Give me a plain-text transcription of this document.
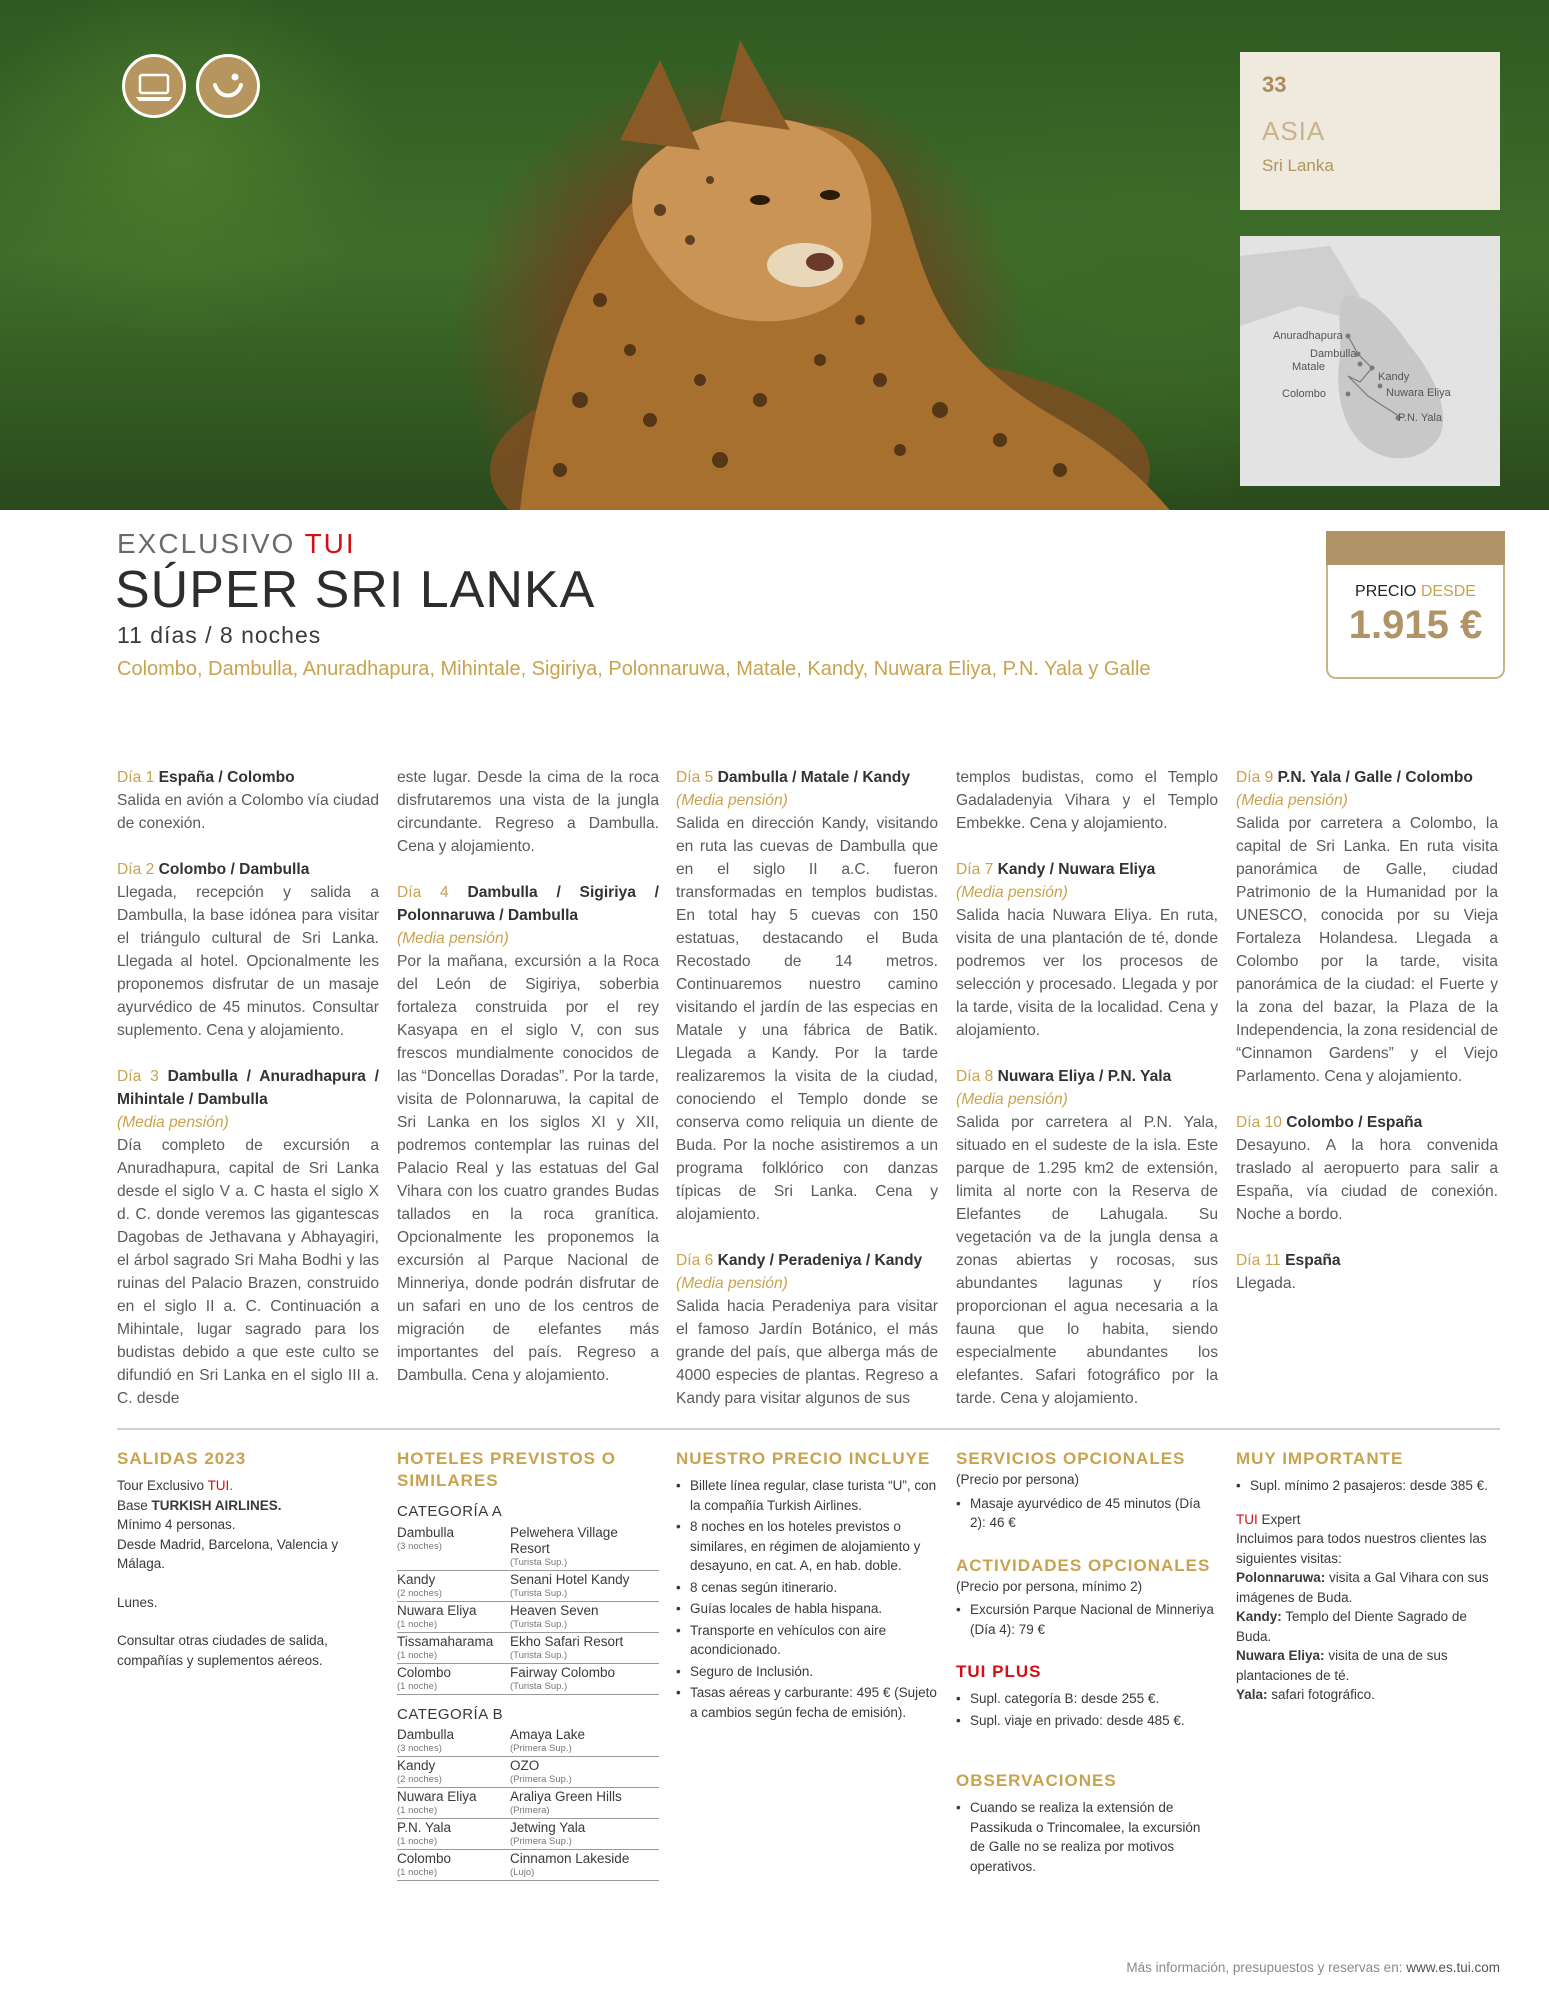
33
ASIA
Sri Lanka
Anuradhapura
Dambulla
Matale
Kandy
Nuwara Eliya
Colombo
P.N. Yala
EXCLUSIVO TUI
SÚPER SRI LANKA
11 días / 8 noches
Colombo, Dambulla, Anuradhapura, Mihintale, Sigiriya, Polonnaruwa, Matale, Kandy, Nuwara Eliya, P.N. Yala y Galle
PRECIO DESDE
1.915 €

Día 1 España / Colombo
Salida en avión a Colombo vía ciudad de conexión.

Día 2 Colombo / Dambulla
Llegada, recepción y salida a Dambulla, la base idónea para visitar el triángulo cultural de Sri Lanka. Llegada al hotel. Opcionalmente les proponemos disfrutar de un masaje ayurvédico de 45 minutos. Consultar suplemento. Cena y alojamiento.

Día 3 Dambulla / Anuradhapura / Mihintale / Dambulla
(Media pensión)
Día completo de excursión a Anuradhapura, capital de Sri Lanka desde el siglo V a. C hasta el siglo X d. C. donde veremos las gigantescas Dagobas de Jethavana y Abhayagiri, el árbol sagrado Sri Maha Bodhi y las ruinas del Palacio Brazen, construido en el siglo II a. C. Continuación a Mihintale, lugar sagrado para los budistas debido a que este culto se difundió en Sri Lanka en el siglo III a. C. desde

este lugar. Desde la cima de la roca disfrutaremos una vista de la jungla circundante. Regreso a Dambulla. Cena y alojamiento.

Día 4 Dambulla / Sigiriya / Polonnaruwa / Dambulla
(Media pensión)
Por la mañana, excursión a la Roca del León de Sigiriya, soberbia fortaleza construida por el rey Kasyapa en el siglo V, con sus frescos mundialmente conocidos de las “Doncellas Doradas”. Por la tarde, visita de Polonnaruwa, la capital de Sri Lanka en los siglos XI y XII, podremos contemplar las ruinas del Palacio Real y las estatuas del Gal Vihara con los cuatro grandes Budas tallados en la roca granítica. Opcionalmente les proponemos la excursión al Parque Nacional de Minneriya, donde podrán disfrutar de un safari en uno de los centros de migración de elefantes más importantes del país. Regreso a Dambulla. Cena y alojamiento.

Día 5 Dambulla / Matale / Kandy
(Media pensión)
Salida en dirección Kandy, visitando en ruta las cuevas de Dambulla que en el siglo II a.C. fueron transformadas en templos budistas. En total hay 5 cuevas con 150 estatuas, destacando el Buda Recostado de 14 metros. Continuaremos nuestro camino visitando el jardín de las especias en Matale y una fábrica de Batik. Llegada a Kandy. Por la tarde realizaremos la visita de la ciudad, conociendo el Templo donde se conserva como reliquia un diente de Buda. Por la noche asistiremos a un programa folklórico con danzas típicas de Sri Lanka. Cena y alojamiento.

Día 6 Kandy / Peradeniya / Kandy
(Media pensión)
Salida hacia Peradeniya para visitar el famoso Jardín Botánico, el más grande del país, que alberga más de 4000 especies de plantas. Regreso a Kandy para visitar algunos de sus

templos budistas, como el Templo Gadaladenyia Vihara y el Templo Embekke. Cena y alojamiento.

Día 7 Kandy / Nuwara Eliya
(Media pensión)
Salida hacia Nuwara Eliya. En ruta, visita de una plantación de té, donde podremos ver los procesos de selección y procesado. Llegada y por la tarde, visita de la localidad. Cena y alojamiento.

Día 8 Nuwara Eliya / P.N. Yala
(Media pensión)
Salida por carretera al P.N. Yala, situado en el sudeste de la isla. Este parque de 1.295 km2 de extensión, limita al norte con la Reserva de Elefantes de Lahugala. Su vegetación va de la jungla densa a zonas abiertas y rocosas, sus abundantes lagunas y ríos proporcionan el agua necesaria a la fauna que lo habita, siendo especialmente abundantes los elefantes. Safari fotográfico por la tarde. Cena y alojamiento.

Día 9 P.N. Yala / Galle / Colombo
(Media pensión)
Salida por carretera a Colombo, la capital de Sri Lanka. En ruta visita panorámica de Galle, ciudad Patrimonio de la Humanidad por la UNESCO, conocida por su Vieja Fortaleza Holandesa. Llegada a Colombo por la tarde, visita panorámica de la ciudad: el Fuerte y la zona del bazar, la Plaza de la Independencia, la zona residencial de “Cinnamon Gardens” y el Viejo Parlamento. Cena y alojamiento.

Día 10 Colombo / España
Desayuno. A la hora convenida traslado al aeropuerto para salir a España, vía ciudad de conexión. Noche a bordo.

Día 11 España
Llegada.

SALIDAS 2023

Tour Exclusivo TUI.
Base TURKISH AIRLINES.
Mínimo 4 personas.
Desde Madrid, Barcelona, Valencia y Málaga.

Lunes.

Consultar otras ciudades de salida, compañías y suplementos aéreos.

HOTELES PREVISTOS O SIMILARES
CATEGORÍA A
Dambulla
(3 noches)
Pelwehera Village Resort
(Turista Sup.)
Kandy
(2 noches)
Senani Hotel Kandy
(Turista Sup.)
Nuwara Eliya
(1 noche)
Heaven Seven
(Turista Sup.)
Tissamaharama
(1 noche)
Ekho Safari Resort
(Turista Sup.)
Colombo
(1 noche)
Fairway Colombo
(Turista Sup.)
CATEGORÍA B
Dambulla
(3 noches)
Amaya Lake
(Primera Sup.)
Kandy
(2 noches)
OZO
(Primera Sup.)
Nuwara Eliya
(1 noche)
Araliya Green Hills
(Primera)
P.N. Yala
(1 noche)
Jetwing Yala
(Primera Sup.)
Colombo
(1 noche)
Cinnamon Lakeside
(Lujo)
NUESTRO PRECIO INCLUYE
• Billete línea regular, clase turista “U”, con la compañía Turkish Airlines.
• 8 noches en los hoteles previstos o similares, en régimen de alojamiento y desayuno, en cat. A, en hab. doble.
• 8 cenas según itinerario.
• Guías locales de habla hispana.
• Transporte en vehículos con aire acondicionado.
• Seguro de Inclusión.
• Tasas aéreas y carburante: 495 € (Sujeto a cambios según fecha de emisión).
SERVICIOS OPCIONALES
(Precio por persona)
• Masaje ayurvédico de 45 minutos (Día 2): 46 €
ACTIVIDADES OPCIONALES
(Precio por persona, mínimo 2)
• Excursión Parque Nacional de Minneriya (Día 4): 79 €
TUI PLUS
• Supl. categoría B: desde 255 €.
• Supl. viaje en privado: desde 485 €.
OBSERVACIONES
• Cuando se realiza la extensión de Passikuda o Trincomalee, la excursión de Galle no se realiza por motivos operativos.
MUY IMPORTANTE
• Supl. mínimo 2 pasajeros: desde 385 €.
TUI Expert
Incluimos para todos nuestros clientes las siguientes visitas:
Polonnaruwa: visita a Gal Vihara con sus imágenes de Buda.
Kandy: Templo del Diente Sagrado de Buda.
Nuwara Eliya: visita de una de sus plantaciones de té.
Yala: safari fotográfico.
Más información, presupuestos y reservas en: www.es.tui.com
